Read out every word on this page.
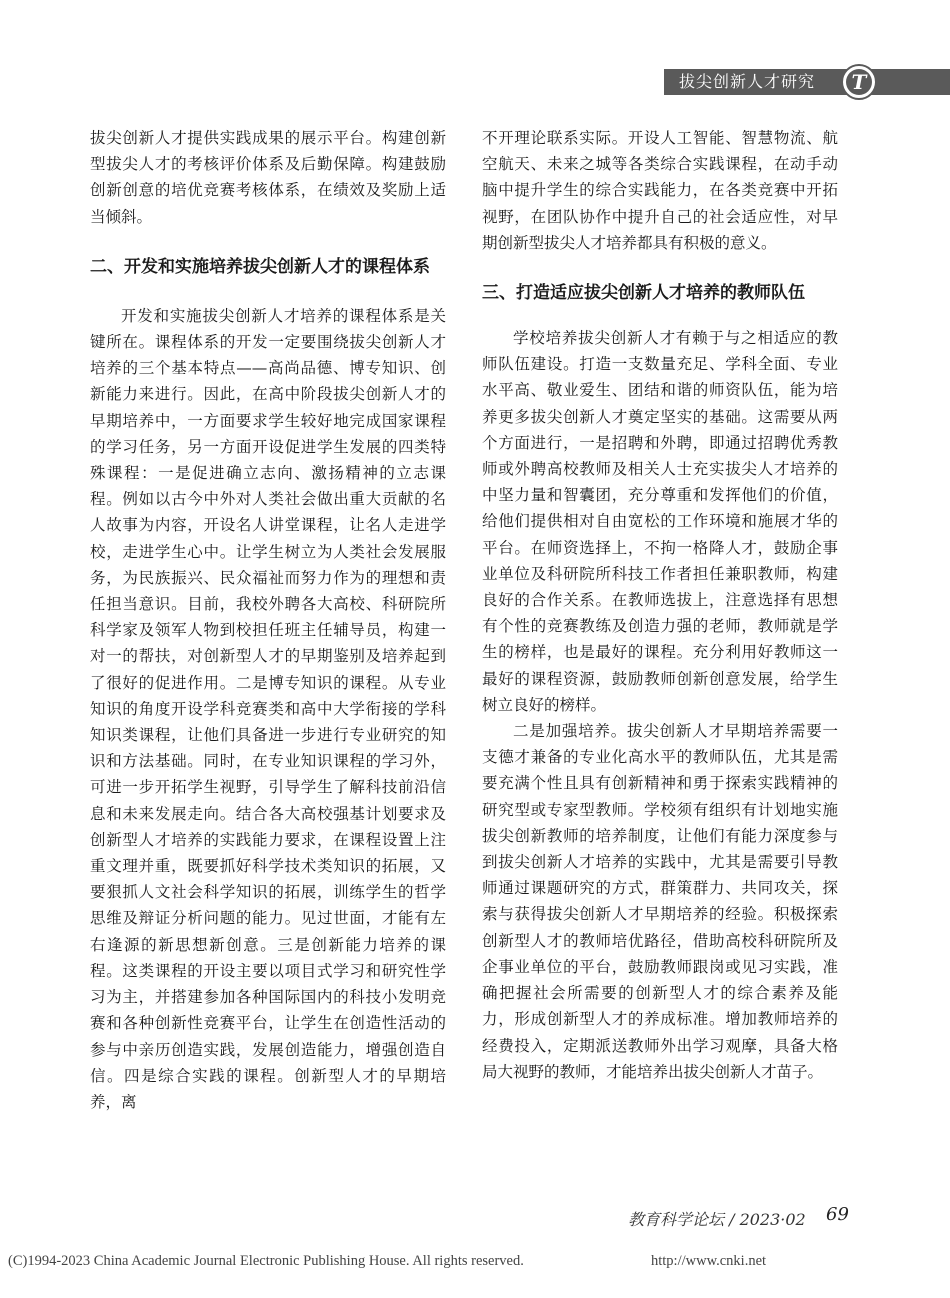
拔尖创新人才研究 T

拔尖创新人才提供实践成果的展示平台。构建创新型拔尖人才的考核评价体系及后勤保障。构建鼓励创新创意的培优竞赛考核体系，在绩效及奖励上适当倾斜。

二、开发和实施培养拔尖创新人才的课程体系

开发和实施拔尖创新人才培养的课程体系是关键所在。课程体系的开发一定要围绕拔尖创新人才培养的三个基本特点——高尚品德、博专知识、创新能力来进行。因此，在高中阶段拔尖创新人才的早期培养中，一方面要求学生较好地完成国家课程的学习任务，另一方面开设促进学生发展的四类特殊课程：一是促进确立志向、激扬精神的立志课程。例如以古今中外对人类社会做出重大贡献的名人故事为内容，开设名人讲堂课程，让名人走进学校，走进学生心中。让学生树立为人类社会发展服务，为民族振兴、民众福祉而努力作为的理想和责任担当意识。目前，我校外聘各大高校、科研院所科学家及领军人物到校担任班主任辅导员，构建一对一的帮扶，对创新型人才的早期鉴别及培养起到了很好的促进作用。二是博专知识的课程。从专业知识的角度开设学科竞赛类和高中大学衔接的学科知识类课程，让他们具备进一步进行专业研究的知识和方法基础。同时，在专业知识课程的学习外，可进一步开拓学生视野，引导学生了解科技前沿信息和未来发展走向。结合各大高校强基计划要求及创新型人才培养的实践能力要求，在课程设置上注重文理并重，既要抓好科学技术类知识的拓展，又要狠抓人文社会科学知识的拓展，训练学生的哲学思维及辩证分析问题的能力。见过世面，才能有左右逢源的新思想新创意。三是创新能力培养的课程。这类课程的开设主要以项目式学习和研究性学习为主，并搭建参加各种国际国内的科技小发明竞赛和各种创新性竞赛平台，让学生在创造性活动的参与中亲历创造实践，发展创造能力，增强创造自信。四是综合实践的课程。创新型人才的早期培养，离

不开理论联系实际。开设人工智能、智慧物流、航空航天、未来之城等各类综合实践课程，在动手动脑中提升学生的综合实践能力，在各类竞赛中开拓视野，在团队协作中提升自己的社会适应性，对早期创新型拔尖人才培养都具有积极的意义。

三、打造适应拔尖创新人才培养的教师队伍

学校培养拔尖创新人才有赖于与之相适应的教师队伍建设。打造一支数量充足、学科全面、专业水平高、敬业爱生、团结和谐的师资队伍，能为培养更多拔尖创新人才奠定坚实的基础。这需要从两个方面进行，一是招聘和外聘，即通过招聘优秀教师或外聘高校教师及相关人士充实拔尖人才培养的中坚力量和智囊团，充分尊重和发挥他们的价值，给他们提供相对自由宽松的工作环境和施展才华的平台。在师资选择上，不拘一格降人才，鼓励企事业单位及科研院所科技工作者担任兼职教师，构建良好的合作关系。在教师选拔上，注意选择有思想有个性的竞赛教练及创造力强的老师，教师就是学生的榜样，也是最好的课程。充分利用好教师这一最好的课程资源，鼓励教师创新创意发展，给学生树立良好的榜样。

二是加强培养。拔尖创新人才早期培养需要一支德才兼备的专业化高水平的教师队伍，尤其是需要充满个性且具有创新精神和勇于探索实践精神的研究型或专家型教师。学校须有组织有计划地实施拔尖创新教师的培养制度，让他们有能力深度参与到拔尖创新人才培养的实践中，尤其是需要引导教师通过课题研究的方式，群策群力、共同攻关，探索与获得拔尖创新人才早期培养的经验。积极探索创新型人才的教师培优路径，借助高校科研院所及企事业单位的平台，鼓励教师跟岗或见习实践，准确把握社会所需要的创新型人才的综合素养及能力，形成创新型人才的养成标准。增加教师培养的经费投入，定期派送教师外出学习观摩，具备大格局大视野的教师，才能培养出拔尖创新人才苗子。

教育科学论坛 / 2023·02 69
(C)1994-2023 China Academic Journal Electronic Publishing House. All rights reserved.	http://www.cnki.net
